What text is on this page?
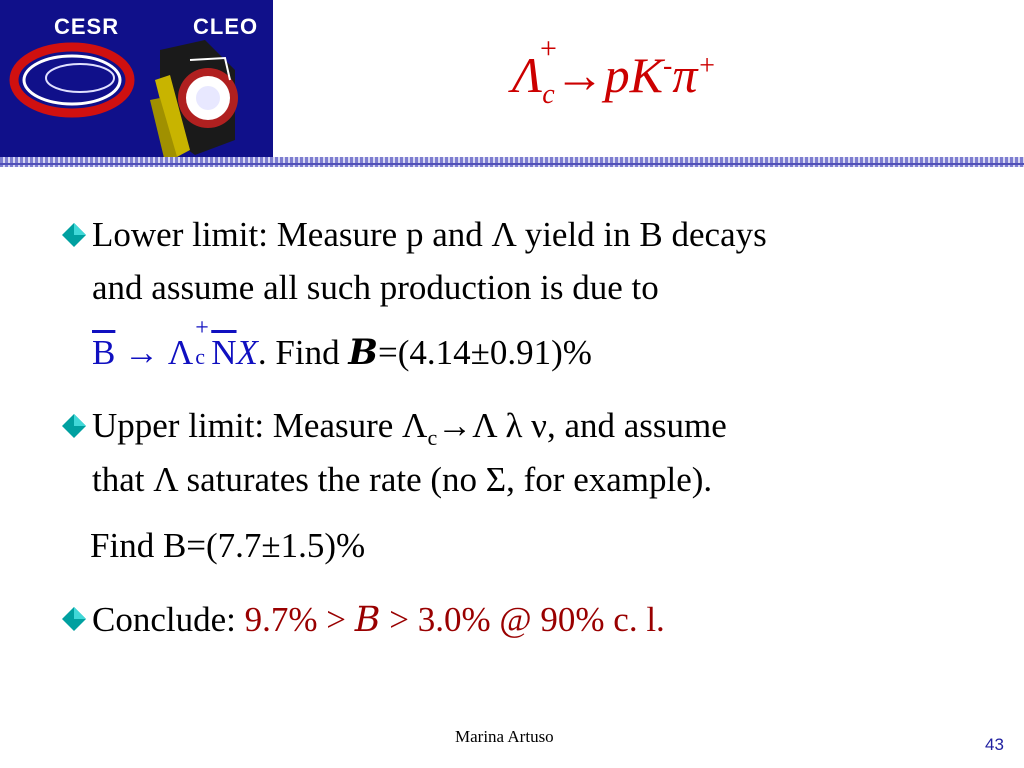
CESR	CLEO
Λ
+
$_c$→pK-π+
Lower limit: Measure p and Λ yield in B decays
and assume all such production is due to
$\overline{B} \to \Lambda$
+
c $\overline{N}X$. Find B=(4.14±0.91)%
Upper limit: Measure $\Lambda_c\to\Lambda$ λ ν, and assume
that Λ saturates the rate (no Σ, for example).
Find B=(7.7±1.5)%
Conclude: 9.7% > B > 3.0% @ 90% c. l.
Marina Artuso	43
